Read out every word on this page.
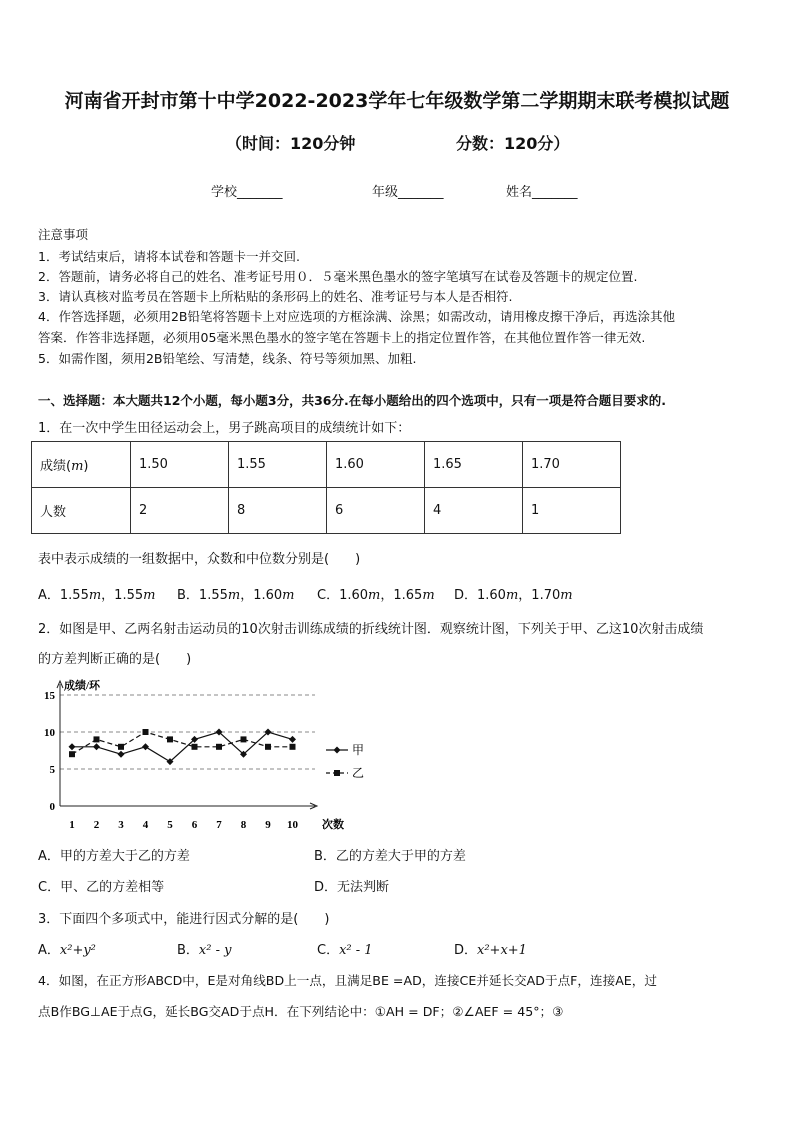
河南省开封市第十中学2022-2023学年七年级数学第二学期期末联考模拟试题
（时间：120分钟	分数：120分）
学校_______	年级_______	姓名_______
注意事项
1．考试结束后，请将本试卷和答题卡一并交回.
2．答题前，请务必将自己的姓名、准考证号用０．５毫米黑色墨水的签字笔填写在试卷及答题卡的规定位置.
3．请认真核对监考员在答题卡上所粘贴的条形码上的姓名、准考证号与本人是否相符.
4．作答选择题，必须用2B铅笔将答题卡上对应选项的方框涂满、涂黑；如需改动，请用橡皮擦干净后，再选涂其他
答案．作答非选择题，必须用05毫米黑色墨水的签字笔在答题卡上的指定位置作答，在其他位置作答一律无效.
5．如需作图，须用2B铅笔绘、写清楚，线条、符号等须加黑、加粗.
一、选择题：本大题共12个小题，每小题3分，共36分.在每小题给出的四个选项中，只有一项是符合题目要求的.
1．在一次中学生田径运动会上，男子跳高项目的成绩统计如下：
成绩(m)	1.50	1.55	1.60	1.65	1.70
人数	2	8	6	4	1
表中表示成绩的一组数据中，众数和中位数分别是(　　)
A．1.55m，1.55m B．1.55m，1.60m C．1.60m，1.65m D．1.60m，1.70m
2．如图是甲、乙两名射击运动员的10次射击训练成绩的折线统计图．观察统计图，下列关于甲、乙这10次射击成绩
的方差判断正确的是(　　)
0
5
10
15
1 2 3 4 5 6 7 8 9 10
成绩/环
次数
甲
乙
A．甲的方差大于乙的方差	B．乙的方差大于甲的方差
C．甲、乙的方差相等	D．无法判断
3．下面四个多项式中，能进行因式分解的是(　　)
A．x²+y²	B．x² - y	C．x² - 1	D．x²+x+1
4．如图，在正方形ABCD中，E是对角线BD上一点，且满足BE =AD，连接CE并延长交AD于点F，连接AE，过
点B作BG⊥AE于点G，延长BG交AD于点H．在下列结论中：①AH = DF；②∠AEF = 45°；③
